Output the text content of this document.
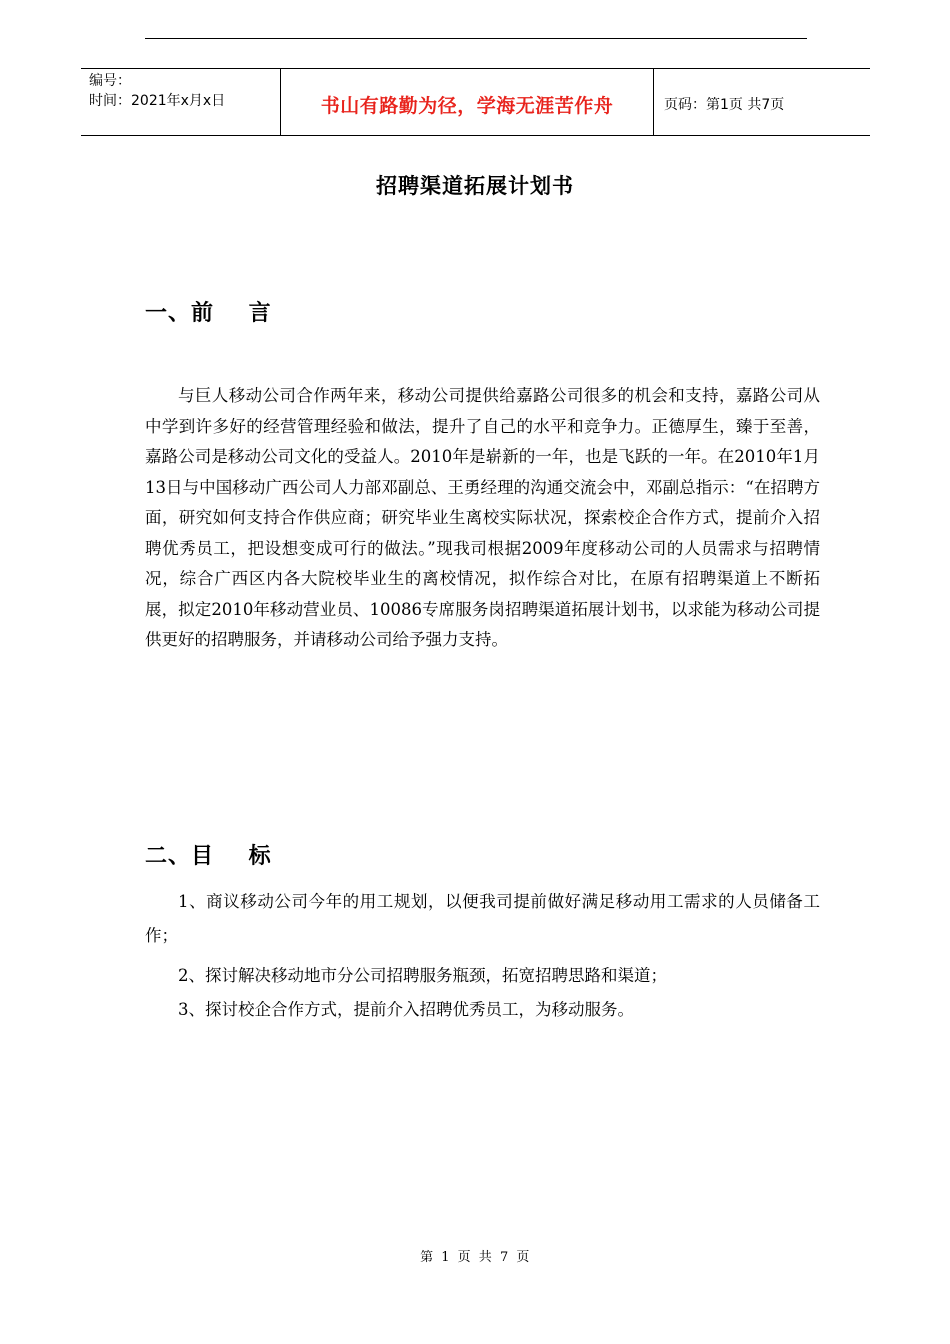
编号：
时间：2021年x月x日	书山有路勤为径，学海无涯苦作舟	页码：第1页 共7页
招聘渠道拓展计划书
一、前    言

与巨人移动公司合作两年来，移动公司提供给嘉路公司很多的机会和支持，嘉路公司从中学到许多好的经营管理经验和做法，提升了自己的水平和竞争力。正德厚生，臻于至善，嘉路公司是移动公司文化的受益人。2010年是崭新的一年，也是飞跃的一年。在2010年1月13日与中国移动广西公司人力部邓副总、王勇经理的沟通交流会中，邓副总指示：“在招聘方面，研究如何支持合作供应商；研究毕业生离校实际状况，探索校企合作方式，提前介入招聘优秀员工，把设想变成可行的做法。”现我司根据2009年度移动公司的人员需求与招聘情况，综合广西区内各大院校毕业生的离校情况，拟作综合对比，在原有招聘渠道上不断拓展，拟定2010年移动营业员、10086专席服务岗招聘渠道拓展计划书，以求能为移动公司提供更好的招聘服务，并请移动公司给予强力支持。

二、目    标

1、商议移动公司今年的用工规划，以便我司提前做好满足移动用工需求的人员储备工作；

2、探讨解决移动地市分公司招聘服务瓶颈，拓宽招聘思路和渠道；

3、探讨校企合作方式，提前介入招聘优秀员工，为移动服务。

第 1 页 共 7 页
